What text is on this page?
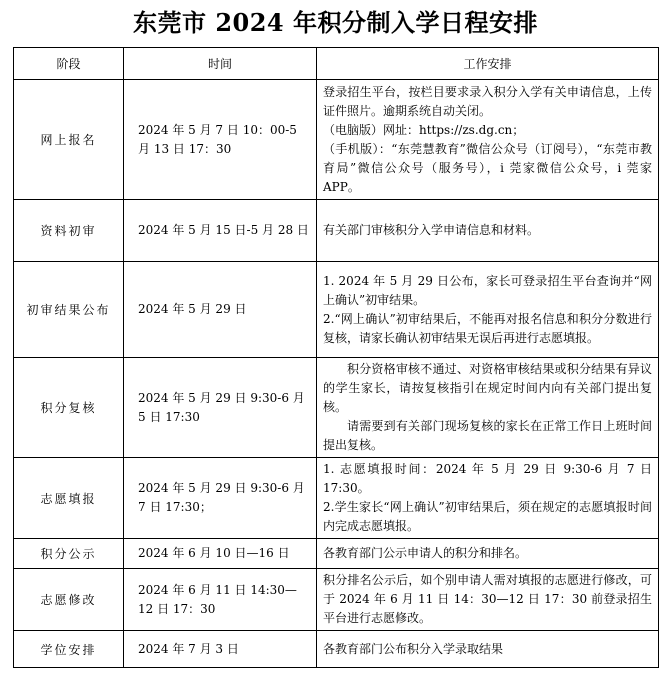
东莞市 2024 年积分制入学日程安排
阶段	时间	工作安排
网上报名	2024 年 5 月 7 日 10：00-5 月 13 日 17：30	登录招生平台，按栏目要求录入积分入学有关申请信息，上传证件照片。逾期系统自动关闭。

（电脑版）网址：https://zs.dg.cn；

（手机版）：“东莞慧教育”微信公众号（订阅号），“东莞市教育局”微信公众号（服务号），i 莞家微信公众号，i 莞家 APP。

资料初审	2024 年 5 月 15 日-5 月 28 日	有关部门审核积分入学申请信息和材料。

初审结果公布	2024 年 5 月 29 日	1. 2024 年 5 月 29 日公布，家长可登录招生平台查询并“网上确认”初审结果。

2.“网上确认”初审结果后，不能再对报名信息和积分分数进行复核，请家长确认初审结果无误后再进行志愿填报。

积分复核	2024 年 5 月 29 日 9:30-6 月 5 日 17:30	积分资格审核不通过、对资格审核结果或积分结果有异议的学生家长，请按复核指引在规定时间内向有关部门提出复核。

请需要到有关部门现场复核的家长在正常工作日上班时间提出复核。

志愿填报	2024 年 5 月 29 日 9:30-6 月 7 日 17:30；	1. 志愿填报时间：2024 年 5 月 29 日 9:30-6 月 7 日 17:30。

2.学生家长“网上确认”初审结果后，须在规定的志愿填报时间内完成志愿填报。

积分公示	2024 年 6 月 10 日—16 日	各教育部门公示申请人的积分和排名。

志愿修改	2024 年 6 月 11 日 14:30—12 日 17：30	积分排名公示后，如个别申请人需对填报的志愿进行修改，可于 2024 年 6 月 11 日 14：30—12 日 17：30 前登录招生平台进行志愿修改。

学位安排	2024 年 7 月 3 日	各教育部门公布积分入学录取结果
